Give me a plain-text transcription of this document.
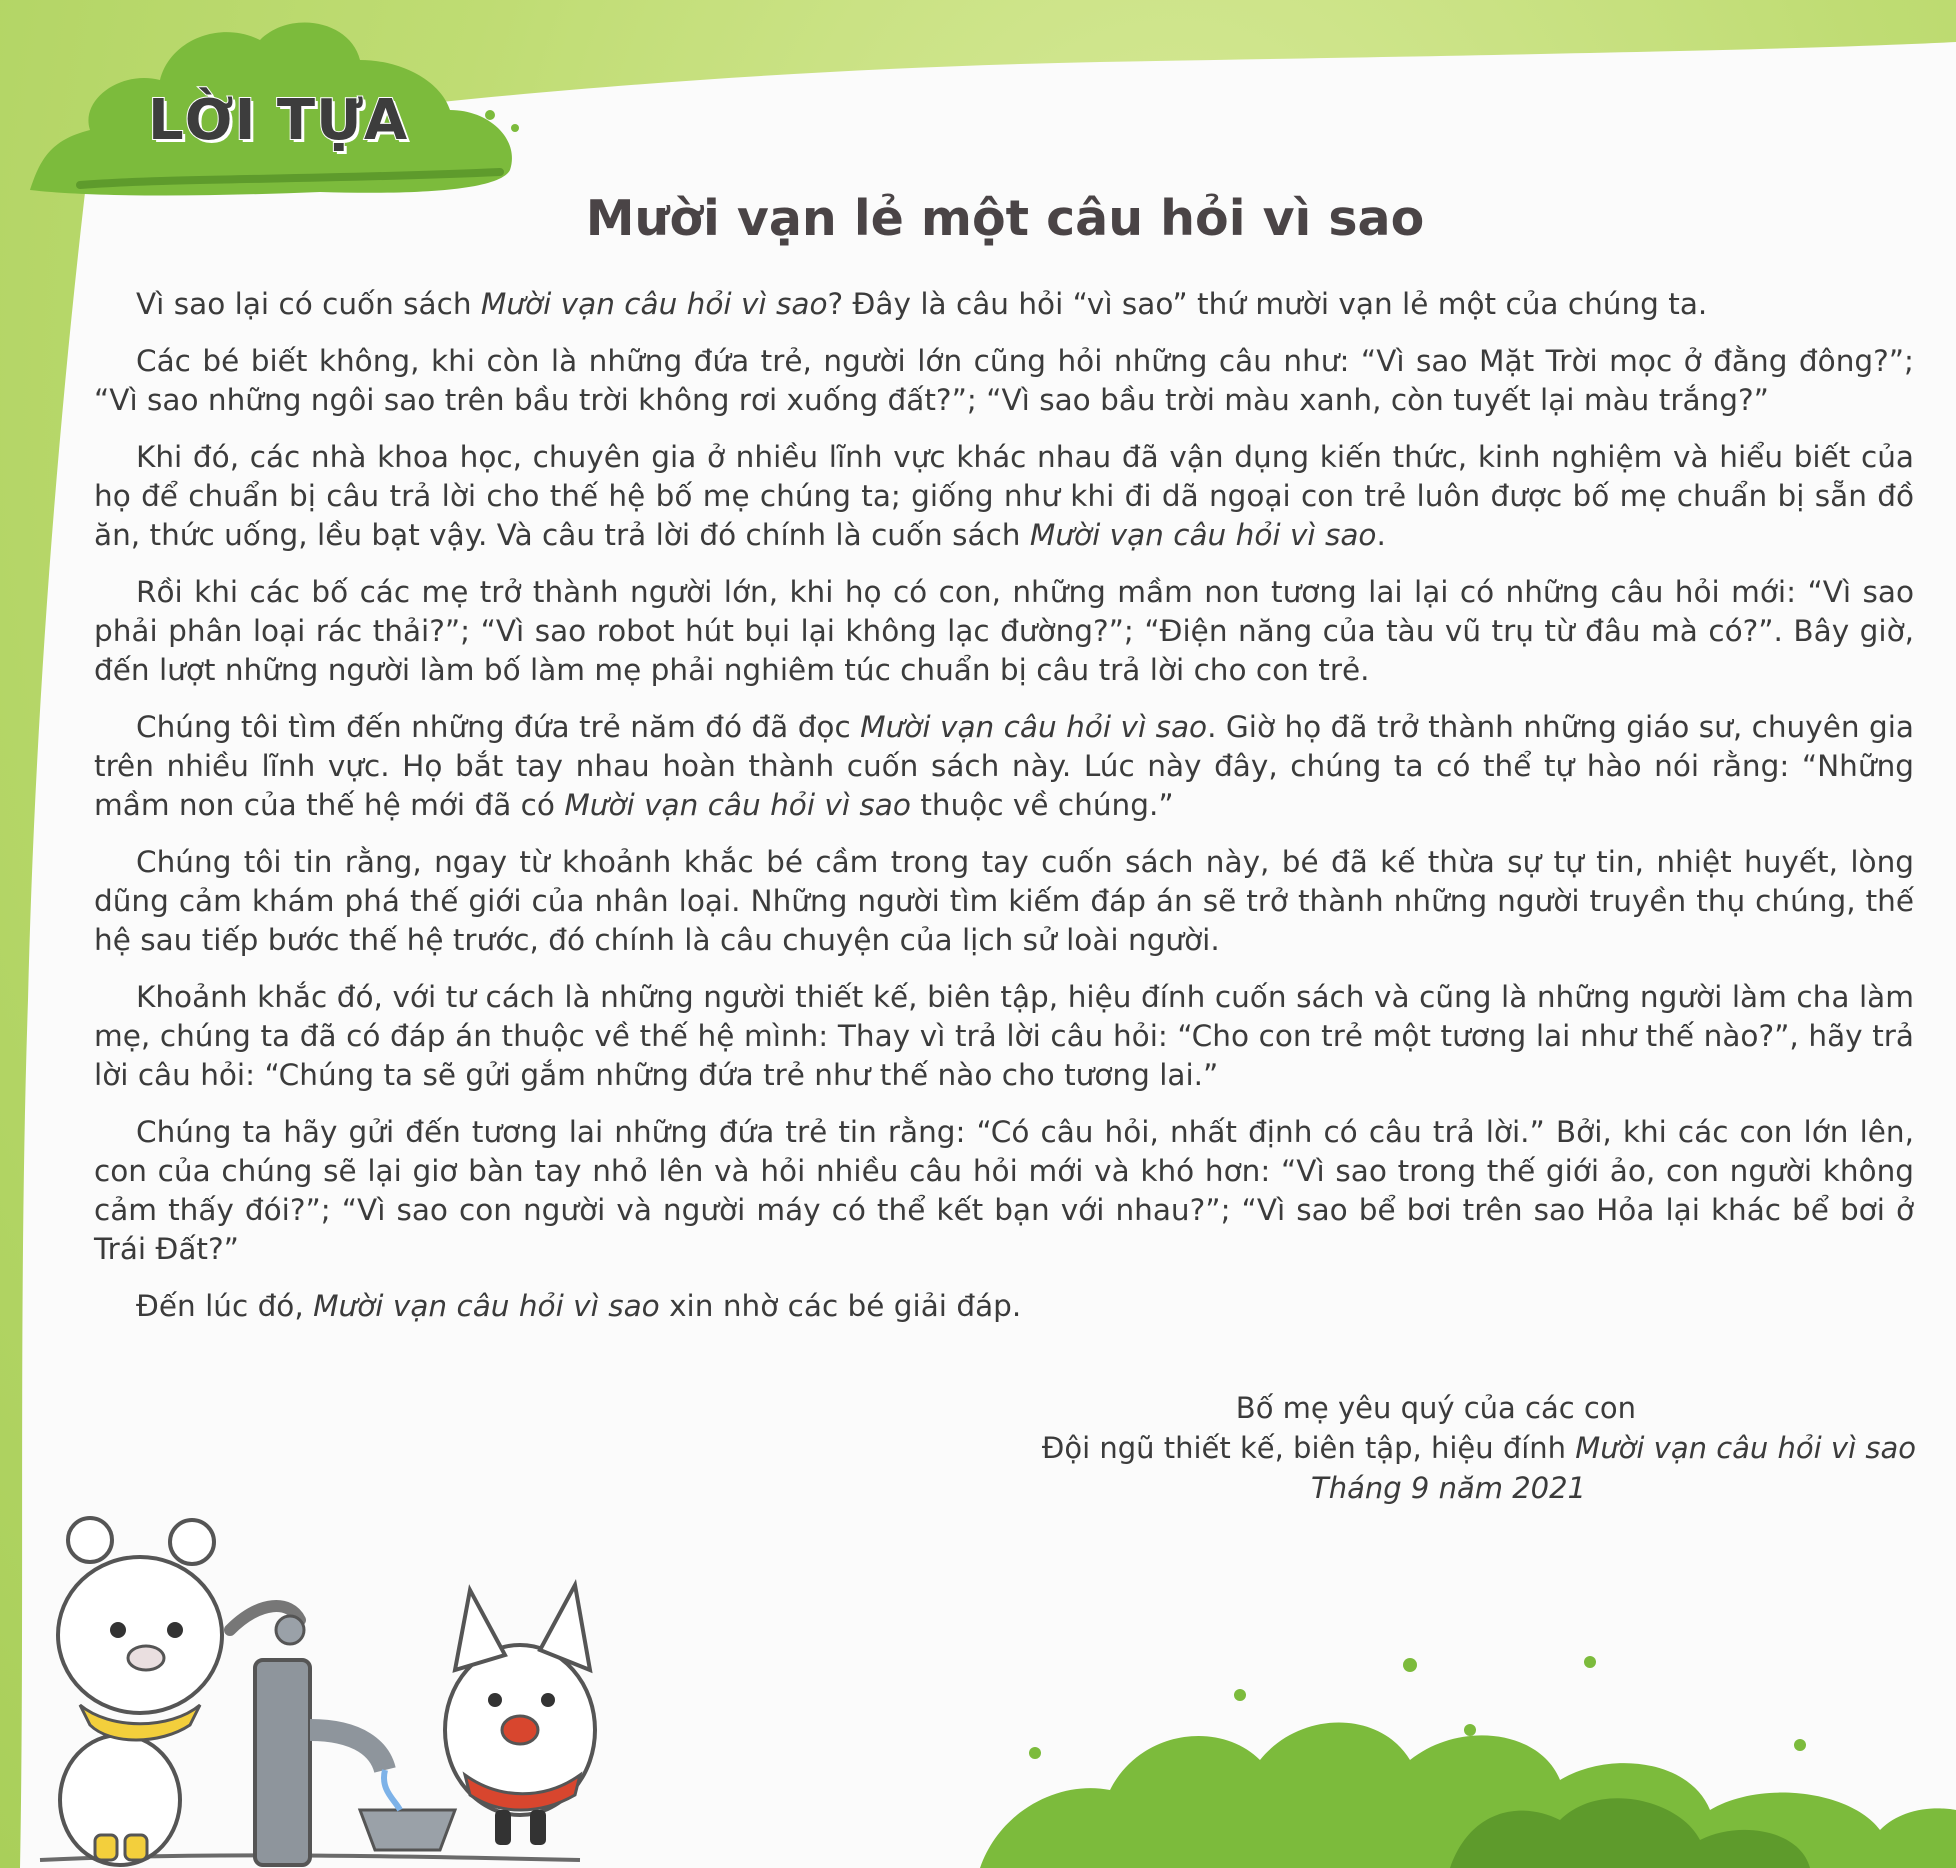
LỜI TỰA
Mười vạn lẻ một câu hỏi vì sao

Vì sao lại có cuốn sách Mười vạn câu hỏi vì sao? Đây là câu hỏi “vì sao” thứ mười vạn lẻ một của chúng ta.

Các bé biết không, khi còn là những đứa trẻ, người lớn cũng hỏi những câu như: “Vì sao Mặt Trời mọc ở đằng đông?”; “Vì sao những ngôi sao trên bầu trời không rơi xuống đất?”; “Vì sao bầu trời màu xanh, còn tuyết lại màu trắng?”

Khi đó, các nhà khoa học, chuyên gia ở nhiều lĩnh vực khác nhau đã vận dụng kiến thức, kinh nghiệm và hiểu biết của họ để chuẩn bị câu trả lời cho thế hệ bố mẹ chúng ta; giống như khi đi dã ngoại con trẻ luôn được bố mẹ chuẩn bị sẵn đồ ăn, thức uống, lều bạt vậy. Và câu trả lời đó chính là cuốn sách Mười vạn câu hỏi vì sao.

Rồi khi các bố các mẹ trở thành người lớn, khi họ có con, những mầm non tương lai lại có những câu hỏi mới: “Vì sao phải phân loại rác thải?”; “Vì sao robot hút bụi lại không lạc đường?”; “Điện năng của tàu vũ trụ từ đâu mà có?”. Bây giờ, đến lượt những người làm bố làm mẹ phải nghiêm túc chuẩn bị câu trả lời cho con trẻ.

Chúng tôi tìm đến những đứa trẻ năm đó đã đọc Mười vạn câu hỏi vì sao. Giờ họ đã trở thành những giáo sư, chuyên gia trên nhiều lĩnh vực. Họ bắt tay nhau hoàn thành cuốn sách này. Lúc này đây, chúng ta có thể tự hào nói rằng: “Những mầm non của thế hệ mới đã có Mười vạn câu hỏi vì sao thuộc về chúng.”

Chúng tôi tin rằng, ngay từ khoảnh khắc bé cầm trong tay cuốn sách này, bé đã kế thừa sự tự tin, nhiệt huyết, lòng dũng cảm khám phá thế giới của nhân loại. Những người tìm kiếm đáp án sẽ trở thành những người truyền thụ chúng, thế hệ sau tiếp bước thế hệ trước, đó chính là câu chuyện của lịch sử loài người.

Khoảnh khắc đó, với tư cách là những người thiết kế, biên tập, hiệu đính cuốn sách và cũng là những người làm cha làm mẹ, chúng ta đã có đáp án thuộc về thế hệ mình: Thay vì trả lời câu hỏi: “Cho con trẻ một tương lai như thế nào?”, hãy trả lời câu hỏi: “Chúng ta sẽ gửi gắm những đứa trẻ như thế nào cho tương lai.”

Chúng ta hãy gửi đến tương lai những đứa trẻ tin rằng: “Có câu hỏi, nhất định có câu trả lời.” Bởi, khi các con lớn lên, con của chúng sẽ lại giơ bàn tay nhỏ lên và hỏi nhiều câu hỏi mới và khó hơn: “Vì sao trong thế giới ảo, con người không cảm thấy đói?”; “Vì sao con người và người máy có thể kết bạn với nhau?”; “Vì sao bể bơi trên sao Hỏa lại khác bể bơi ở Trái Đất?”

Đến lúc đó, Mười vạn câu hỏi vì sao xin nhờ các bé giải đáp.

Bố mẹ yêu quý của các con
Đội ngũ thiết kế, biên tập, hiệu đính Mười vạn câu hỏi vì sao
Tháng 9 năm 2021
